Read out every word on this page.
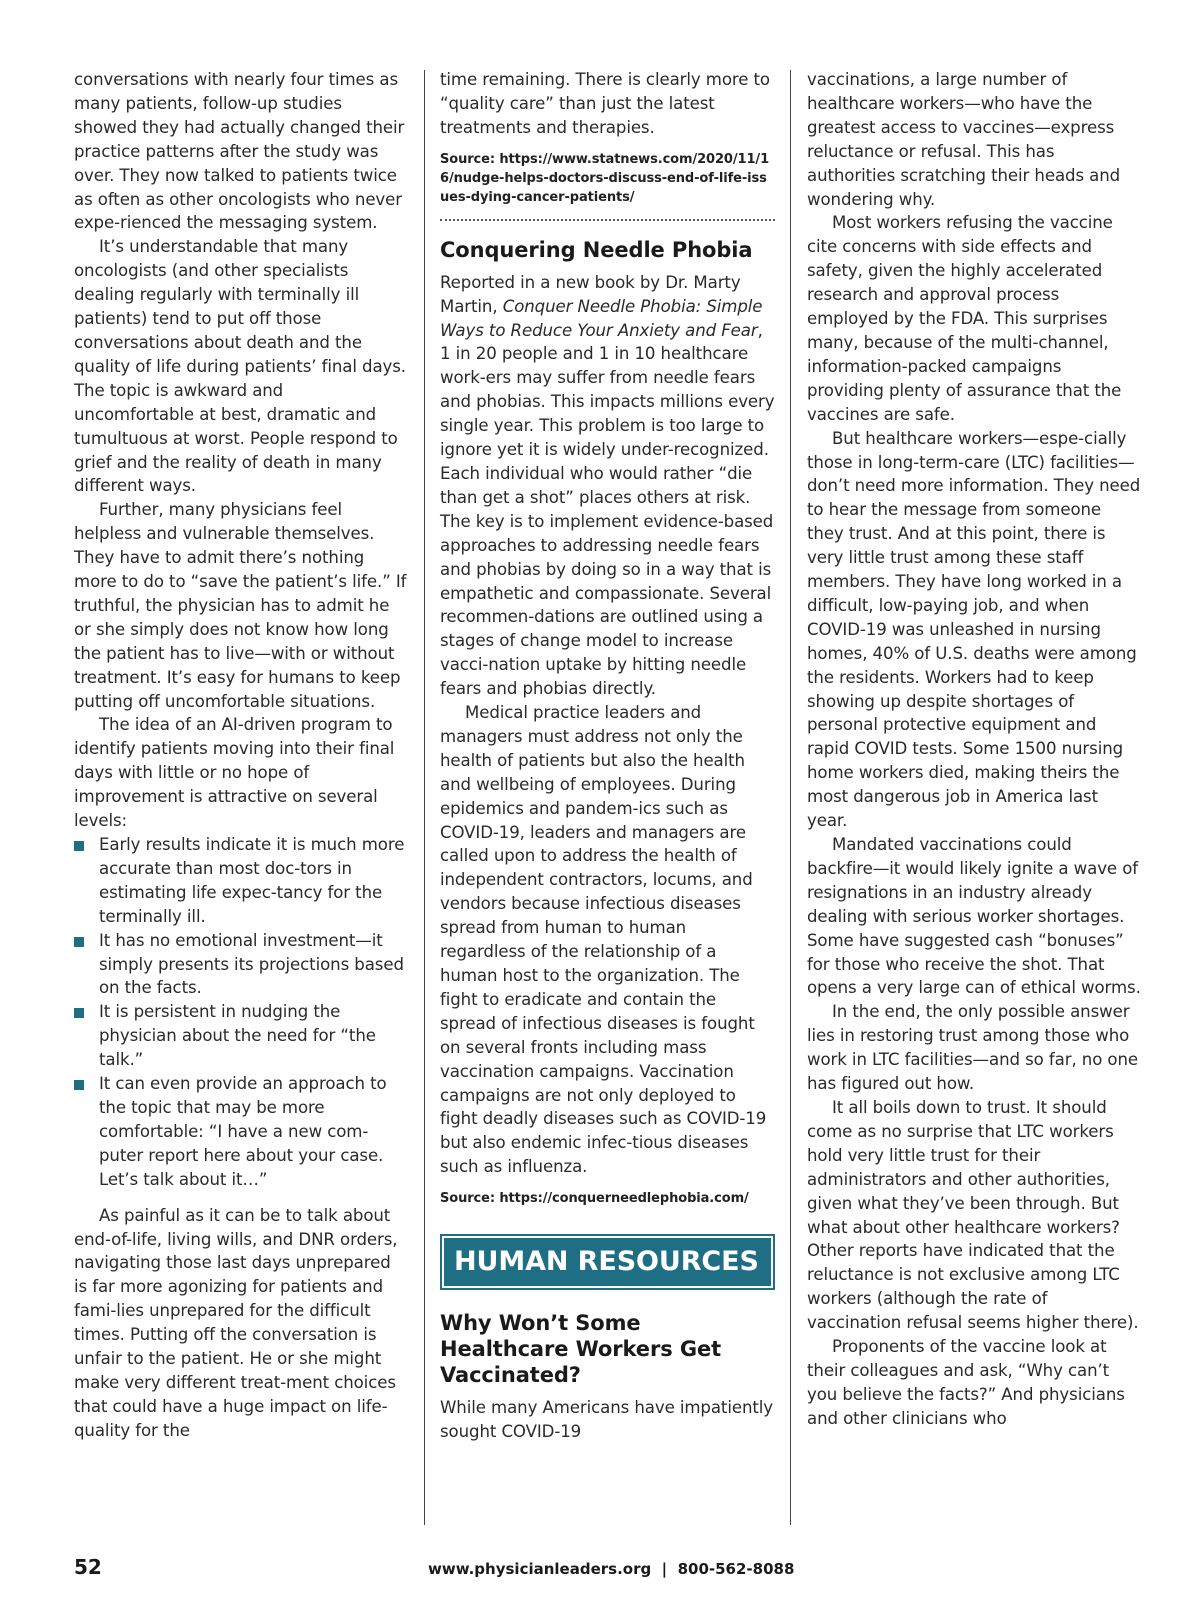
conversations with nearly four times as many patients, follow-up studies showed they had actually changed their practice patterns after the study was over. They now talked to patients twice as often as other oncologists who never expe-rienced the messaging system.

It’s understandable that many oncologists (and other specialists dealing regularly with terminally ill patients) tend to put off those conversations about death and the quality of life during patients’ final days. The topic is awkward and uncomfortable at best, dramatic and tumultuous at worst. People respond to grief and the reality of death in many different ways.

Further, many physicians feel helpless and vulnerable themselves. They have to admit there’s nothing more to do to “save the patient’s life.” If truthful, the physician has to admit he or she simply does not know how long the patient has to live—with or without treatment. It’s easy for humans to keep putting off uncomfortable situations.

The idea of an AI-driven program to identify patients moving into their final days with little or no hope of improvement is attractive on several levels:

Early results indicate it is much more accurate than most doc-tors in estimating life expec-tancy for the terminally ill.
It has no emotional investment—it simply presents its projections based on the facts.
It is persistent in nudging the physician about the need for “the talk.”
It can even provide an approach to the topic that may be more comfortable: “I have a new com-puter report here about your case. Let’s talk about it…”

As painful as it can be to talk about end-of-life, living wills, and DNR orders, navigating those last days unprepared is far more agonizing for patients and fami-lies unprepared for the difficult times. Putting off the conversation is unfair to the patient. He or she might make very different treat-ment choices that could have a huge impact on life-quality for the

time remaining. There is clearly more to “quality care” than just the latest treatments and therapies.

Source: https://www.statnews.com/2020/11/16/nudge-helps-doctors-discuss-end-of-life-issues-dying-cancer-patients/

Conquering Needle Phobia

Reported in a new book by Dr. Marty Martin, Conquer Needle Phobia: Simple Ways to Reduce Your Anxiety and Fear, 1 in 20 people and 1 in 10 healthcare work-ers may suffer from needle fears and phobias. This impacts millions every single year. This problem is too large to ignore yet it is widely under-recognized. Each individual who would rather “die than get a shot” places others at risk. The key is to implement evidence-based approaches to addressing needle fears and phobias by doing so in a way that is empathetic and compassionate. Several recommen-dations are outlined using a stages of change model to increase vacci-nation uptake by hitting needle fears and phobias directly.

Medical practice leaders and managers must address not only the health of patients but also the health and wellbeing of employees. During epidemics and pandem-ics such as COVID-19, leaders and managers are called upon to address the health of independent contractors, locums, and vendors because infectious diseases spread from human to human regardless of the relationship of a human host to the organization. The fight to eradicate and contain the spread of infectious diseases is fought on several fronts including mass vaccination campaigns. Vaccination campaigns are not only deployed to fight deadly diseases such as COVID-19 but also endemic infec-tious diseases such as influenza.

Source: https://conquerneedlephobia.com/

HUMAN RESOURCES
Why Won’t Some Healthcare Workers Get Vaccinated?

While many Americans have impatiently sought COVID-19

vaccinations, a large number of healthcare workers—who have the greatest access to vaccines—express reluctance or refusal. This has authorities scratching their heads and wondering why.

Most workers refusing the vaccine cite concerns with side effects and safety, given the highly accelerated research and approval process employed by the FDA. This surprises many, because of the multi-channel, information-packed campaigns providing plenty of assurance that the vaccines are safe.

But healthcare workers—espe-cially those in long-term-care (LTC) facilities—don’t need more information. They need to hear the message from someone they trust. And at this point, there is very little trust among these staff members. They have long worked in a difficult, low-paying job, and when COVID-19 was unleashed in nursing homes, 40% of U.S. deaths were among the residents. Workers had to keep showing up despite shortages of personal protective equipment and rapid COVID tests. Some 1500 nursing home workers died, making theirs the most dangerous job in America last year.

Mandated vaccinations could backfire—it would likely ignite a wave of resignations in an industry already dealing with serious worker shortages. Some have suggested cash “bonuses” for those who receive the shot. That opens a very large can of ethical worms.

In the end, the only possible answer lies in restoring trust among those who work in LTC facilities—and so far, no one has figured out how.

It all boils down to trust. It should come as no surprise that LTC workers hold very little trust for their administrators and other authorities, given what they’ve been through. But what about other healthcare workers? Other reports have indicated that the reluctance is not exclusive among LTC workers (although the rate of vaccination refusal seems higher there).

Proponents of the vaccine look at their colleagues and ask, “Why can’t you believe the facts?” And physicians and other clinicians who

52	www.physicianleaders.org  |  800-562-8088
